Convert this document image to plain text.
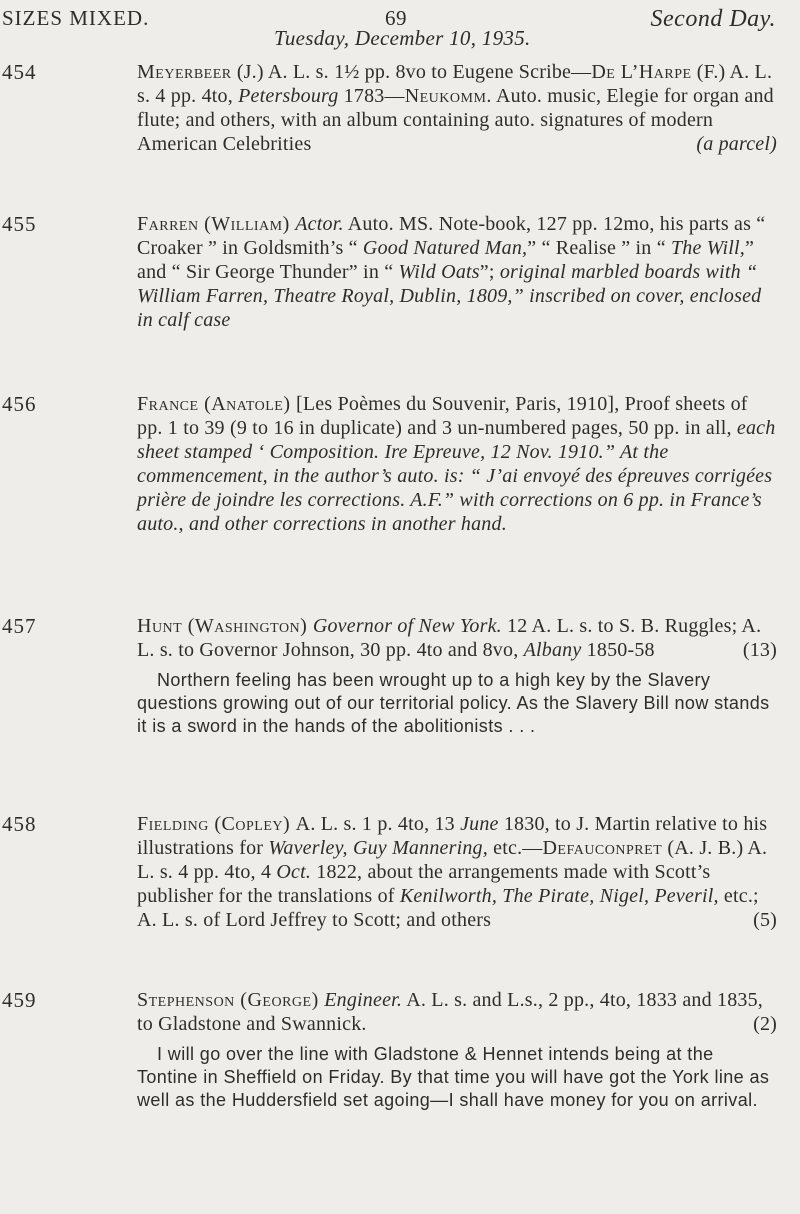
SIZES MIXED.	69	Second Day.
Tuesday, December 10, 1935.
454	Meyerbeer (J.) A. L. s. 1½ pp. 8vo to Eugene Scribe—De L’Harpe (F.) A. L. s. 4 pp. 4to, Petersbourg 1783—Neukomm. Auto. music, Elegie for organ and flute; and others, with an album containing auto. signatures of modern American Celebrities	(a parcel)
455	Farren (William) Actor. Auto. MS. Note-book, 127 pp. 12mo, his parts as “ Croaker ” in Goldsmith’s “ Good Natured Man,” “ Realise ” in “ The Will,” and “ Sir George Thunder” in “ Wild Oats”; original marbled boards with “ William Farren, Theatre Royal, Dublin, 1809,” inscribed on cover, enclosed in calf case
456	France (Anatole) [Les Poèmes du Souvenir, Paris, 1910], Proof sheets of pp. 1 to 39 (9 to 16 in duplicate) and 3 un-numbered pages, 50 pp. in all, each sheet stamped ‘ Composition. Ire Epreuve, 12 Nov. 1910.” At the commencement, in the author’s auto. is: “ J’ai envoyé des épreuves corrigées prière de joindre les corrections. A.F.” with corrections on 6 pp. in France’s auto., and other corrections in another hand.
457	Hunt (Washington) Governor of New York. 12 A. L. s. to S. B. Ruggles; A. L. s. to Governor Johnson, 30 pp. 4to and 8vo, Albany 1850-58	(13)
Northern feeling has been wrought up to a high key by the Slavery questions growing out of our territorial policy. As the Slavery Bill now stands it is a sword in the hands of the abolitionists . . .
458	Fielding (Copley) A. L. s. 1 p. 4to, 13 June 1830, to J. Martin relative to his illustrations for Waverley, Guy Mannering, etc.—Defauconpret (A. J. B.) A. L. s. 4 pp. 4to, 4 Oct. 1822, about the arrangements made with Scott’s publisher for the translations of Kenilworth, The Pirate, Nigel, Peveril, etc.; A. L. s. of Lord Jeffrey to Scott; and others	(5)
459	Stephenson (George) Engineer. A. L. s. and L.s., 2 pp., 4to, 1833 and 1835, to Gladstone and Swannick.	(2)
I will go over the line with Gladstone & Hennet intends being at the Tontine in Sheffield on Friday. By that time you will have got the York line as well as the Huddersfield set agoing—I shall have money for you on arrival.
